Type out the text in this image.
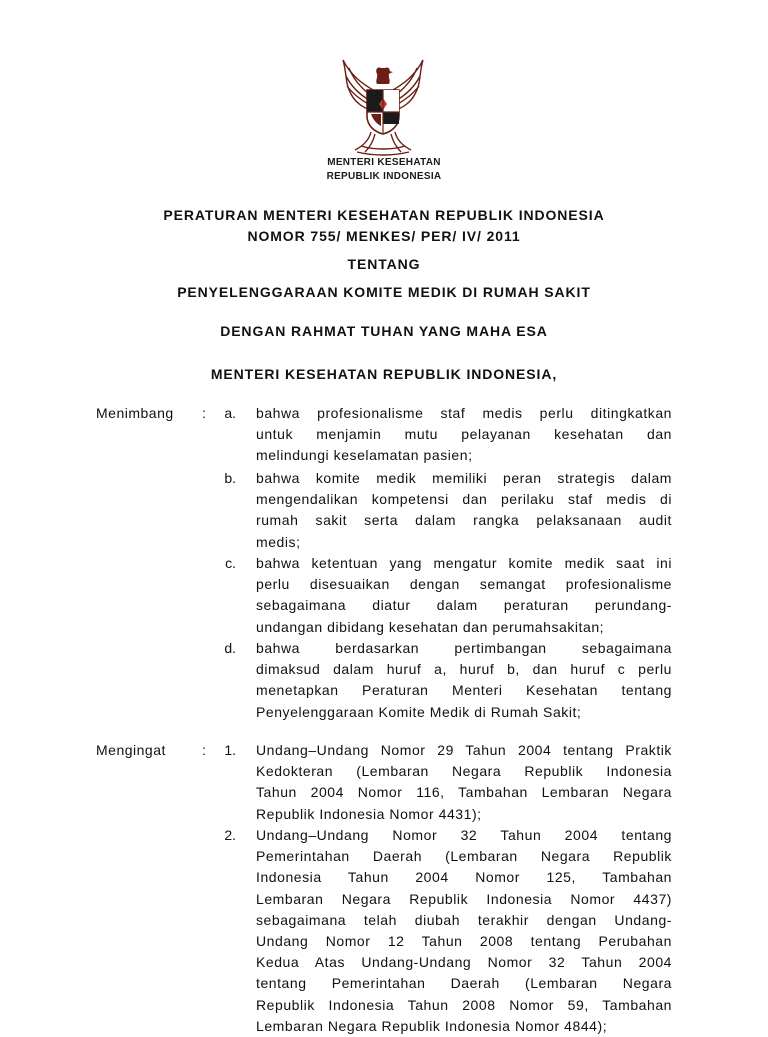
MENTERI KESEHATAN
REPUBLIK INDONESIA
PERATURAN MENTERI KESEHATAN REPUBLIK INDONESIA
NOMOR 755/ MENKES/ PER/ IV/ 2011
TENTANG
PENYELENGGARAAN KOMITE MEDIK DI RUMAH SAKIT
DENGAN RAHMAT TUHAN YANG MAHA ESA
MENTERI KESEHATAN REPUBLIK INDONESIA,
Menimbang :	a. bahwa profesionalisme staf medis perlu ditingkatkan
untuk menjamin mutu pelayanan kesehatan dan
melindungi keselamatan pasien;
b. bahwa komite medik memiliki peran strategis dalam
mengendalikan kompetensi dan perilaku staf medis di
rumah sakit serta dalam rangka pelaksanaan audit
medis;
c. bahwa ketentuan yang mengatur komite medik saat ini
perlu disesuaikan dengan semangat profesionalisme
sebagaimana diatur dalam peraturan perundang-
undangan dibidang kesehatan dan perumahsakitan;
d. bahwa berdasarkan pertimbangan sebagaimana
dimaksud dalam huruf a, huruf b, dan huruf c perlu
menetapkan Peraturan Menteri Kesehatan tentang
Penyelenggaraan Komite Medik di Rumah Sakit;
Mengingat	:	1. Undang–Undang Nomor 29 Tahun 2004 tentang Praktik
Kedokteran (Lembaran Negara Republik Indonesia
Tahun 2004 Nomor 116, Tambahan Lembaran Negara
Republik Indonesia Nomor 4431);
2. Undang–Undang Nomor 32 Tahun 2004 tentang
Pemerintahan Daerah (Lembaran Negara Republik
Indonesia Tahun 2004 Nomor 125, Tambahan
Lembaran Negara Republik Indonesia Nomor 4437)
sebagaimana telah diubah terakhir dengan Undang-
Undang Nomor 12 Tahun 2008 tentang Perubahan
Kedua Atas Undang-Undang Nomor 32 Tahun 2004
tentang Pemerintahan Daerah (Lembaran Negara
Republik Indonesia Tahun 2008 Nomor 59, Tambahan
Lembaran Negara Republik Indonesia Nomor 4844);
